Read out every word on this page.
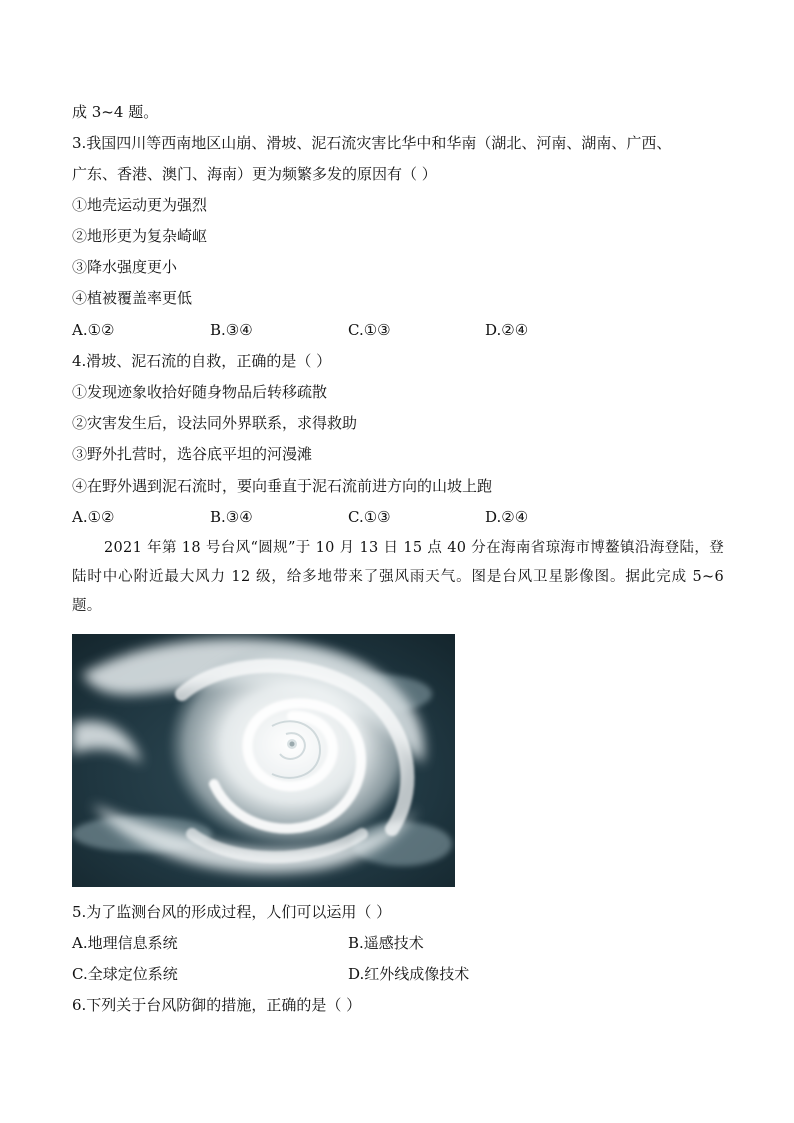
成 3~4 题。
3.我国四川等西南地区山崩、滑坡、泥石流灾害比华中和华南（湖北、河南、湖南、广西、
广东、香港、澳门、海南）更为频繁多发的原因有（ ）
①地壳运动更为强烈
②地形更为复杂崎岖
③降水强度更小
④植被覆盖率更低
A.①②	B.③④	C.①③	D.②④
4.滑坡、泥石流的自救，正确的是（ ）
①发现迹象收拾好随身物品后转移疏散
②灾害发生后，设法同外界联系，求得救助
③野外扎营时，选谷底平坦的河漫滩
④在野外遇到泥石流时，要向垂直于泥石流前进方向的山坡上跑
A.①②	B.③④	C.①③	D.②④
2021 年第 18 号台风“圆规”于 10 月 13 日 15 点 40 分在海南省琼海市博鳌镇沿海登陆，登陆时中心附近最大风力 12 级，给多地带来了强风雨天气。图是台风卫星影像图。据此完成 5~6 题。
5.为了监测台风的形成过程，人们可以运用（ ）
A.地理信息系统	B.遥感技术
C.全球定位系统	D.红外线成像技术
6.下列关于台风防御的措施，正确的是（ ）
